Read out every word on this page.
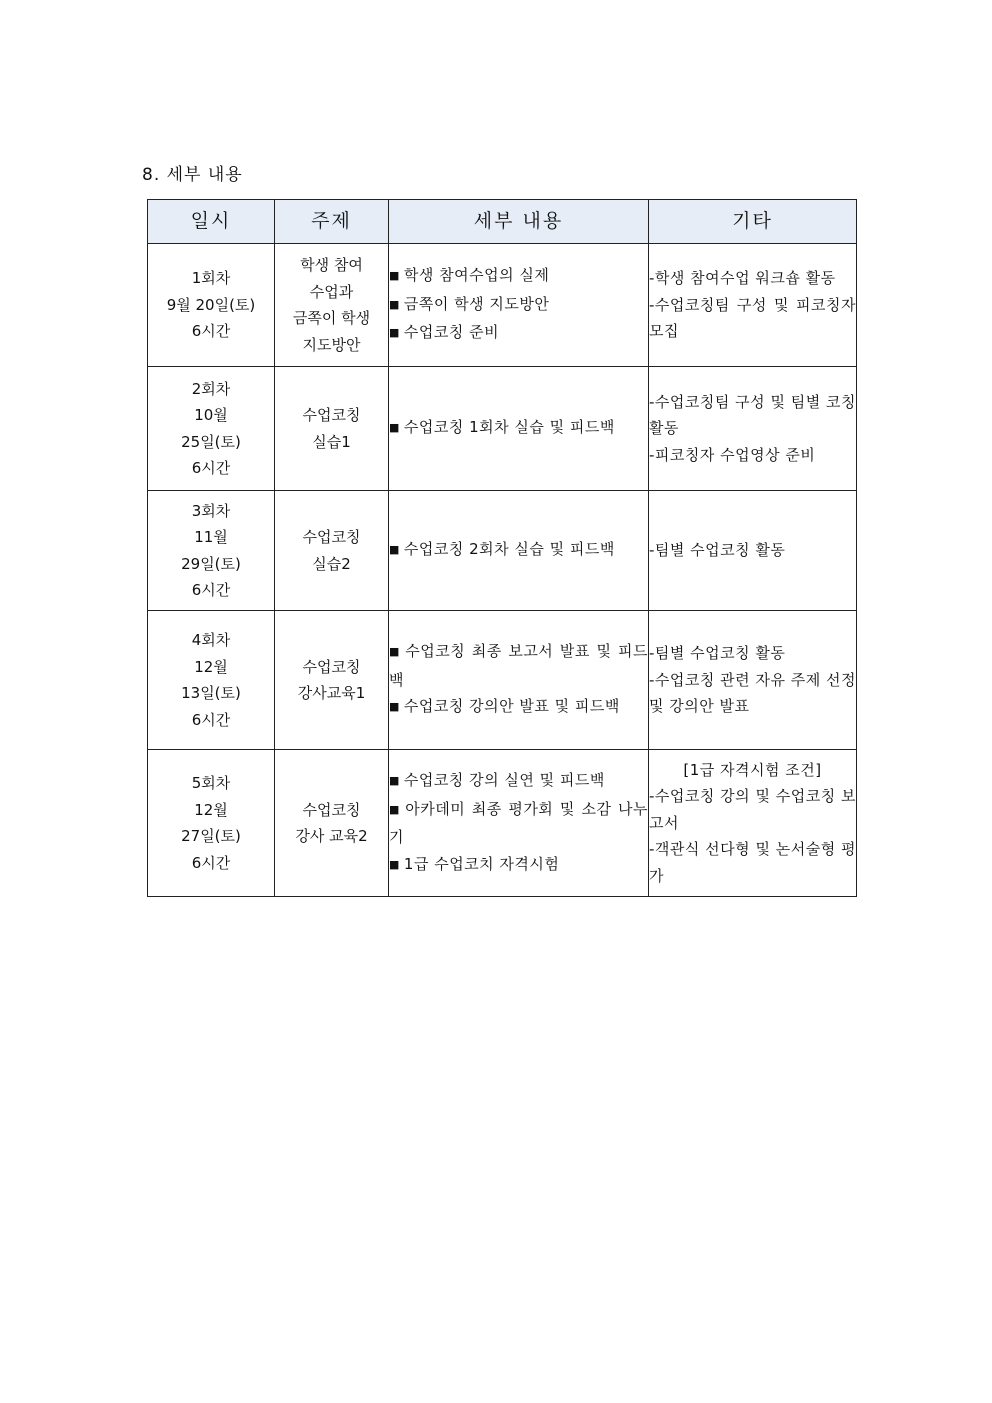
8. 세부 내용
일시	주제	세부 내용	기타

1회차
9월 20일(토)
6시간	학생 참여
수업과
금쪽이 학생
지도방안	■ 학생 참여수업의 실제
■ 금쪽이 학생 지도방안
■ 수업코칭 준비	-학생 참여수업 워크숍 활동
-수업코칭팀 구성 및 피코칭자 모집

2회차
10월
25일(토)
6시간	수업코칭
실습1	■ 수업코칭 1회차 실습 및 피드백	-수업코칭팀 구성 및 팀별 코칭 활동
-피코칭자 수업영상 준비

3회차
11월
29일(토)
6시간	수업코칭
실습2	■ 수업코칭 2회차 실습 및 피드백	-팀별 수업코칭 활동

4회차
12월
13일(토)
6시간	수업코칭
강사교육1	■ 수업코칭 최종 보고서 발표 및 피드백
■ 수업코칭 강의안 발표 및 피드백	-팀별 수업코칭 활동
-수업코칭 관련 자유 주제 선정 및 강의안 발표

5회차
12월
27일(토)
6시간	수업코칭
강사 교육2	■ 수업코칭 강의 실연 및 피드백
■ 아카데미 최종 평가회 및 소감 나누기
■ 1급 수업코치 자격시험	[1급 자격시험 조건]
-수업코칭 강의 및 수업코칭 보고서
-객관식 선다형 및 논서술형 평가
